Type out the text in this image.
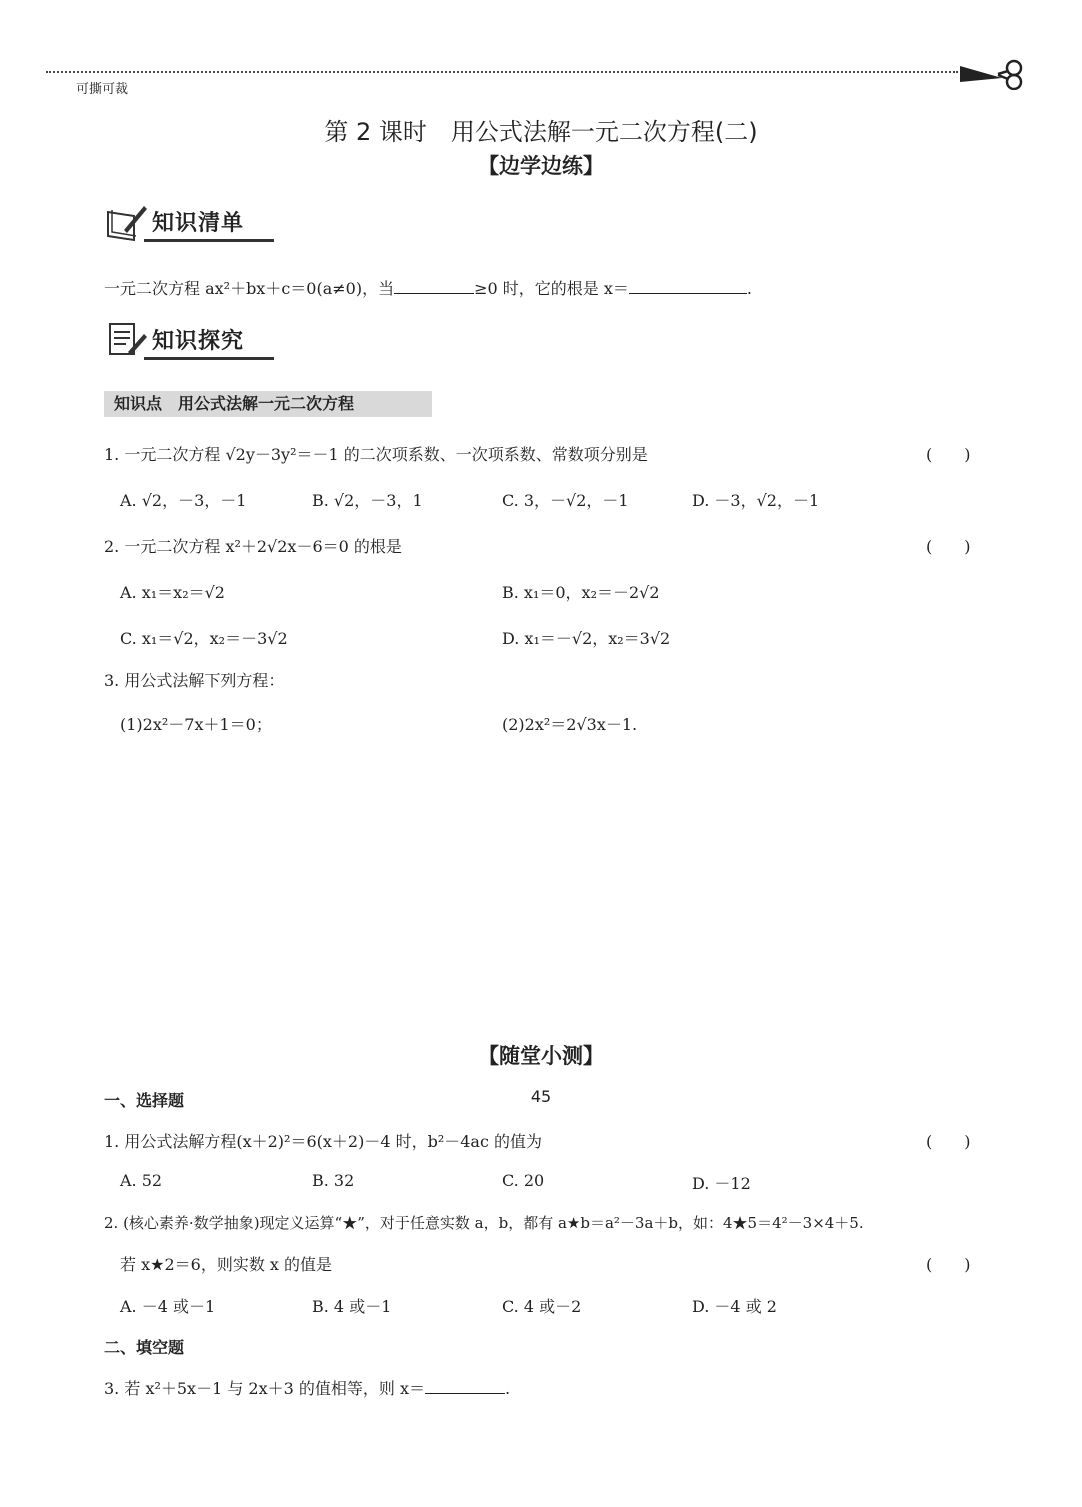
可撕可裁
第 2 课时　用公式法解一元二次方程(二)
【边学边练】
知识清单
一元二次方程 ax²＋bx＋c＝0(a≠0)，当	≥0 时，它的根是 x＝	.
知识探究
知识点　用公式法解一元二次方程
1. 一元二次方程 √2y－3y²＝－1 的二次项系数、一次项系数、常数项分别是	(　　)
A. √2，－3，－1	B. √2，－3，1	C. 3，－√2，－1	D. －3，√2，－1
2. 一元二次方程 x²＋2√2x－6＝0 的根是	(　　)
A. x₁＝x₂＝√2	B. x₁＝0，x₂＝－2√2
C. x₁＝√2，x₂＝－3√2	D. x₁＝－√2，x₂＝3√2
3. 用公式法解下列方程：
(1)2x²－7x＋1＝0；	(2)2x²＝2√3x－1.
【随堂小测】
一、选择题
1. 用公式法解方程(x＋2)²＝6(x＋2)－4 时，b²－4ac 的值为	(　　)
A. 52	B. 32	C. 20	D. －12
2. (核心素养·数学抽象)现定义运算“★”，对于任意实数 a，b，都有 a★b＝a²－3a＋b，如：4★5＝4²－3×4＋5.
若 x★2＝6，则实数 x 的值是	(　　)
A. －4 或－1	B. 4 或－1	C. 4 或－2	D. －4 或 2
二、填空题
3. 若 x²＋5x－1 与 2x＋3 的值相等，则 x＝	.
45
